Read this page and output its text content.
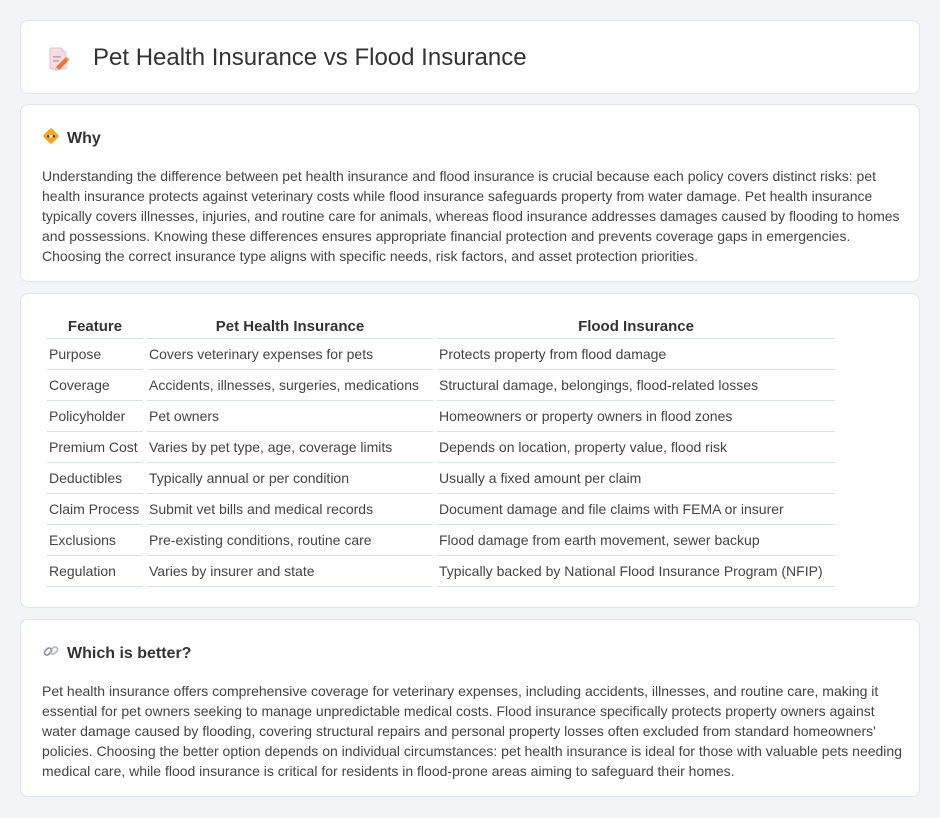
Pet Health Insurance vs Flood Insurance
Why

Understanding the difference between pet health insurance and flood insurance is crucial because each policy covers distinct risks: pet health insurance protects against veterinary costs while flood insurance safeguards property from water damage. Pet health insurance typically covers illnesses, injuries, and routine care for animals, whereas flood insurance addresses damages caused by flooding to homes and possessions. Knowing these differences ensures appropriate financial protection and prevents coverage gaps in emergencies. Choosing the correct insurance type aligns with specific needs, risk factors, and asset protection priorities.

Feature	Pet Health Insurance	Flood Insurance
Purpose	Covers veterinary expenses for pets	Protects property from flood damage
Coverage	Accidents, illnesses, surgeries, medications	Structural damage, belongings, flood-related losses
Policyholder	Pet owners	Homeowners or property owners in flood zones
Premium Cost	Varies by pet type, age, coverage limits	Depends on location, property value, flood risk
Deductibles	Typically annual or per condition	Usually a fixed amount per claim
Claim Process	Submit vet bills and medical records	Document damage and file claims with FEMA or insurer
Exclusions	Pre-existing conditions, routine care	Flood damage from earth movement, sewer backup
Regulation	Varies by insurer and state	Typically backed by National Flood Insurance Program (NFIP)
Which is better?

Pet health insurance offers comprehensive coverage for veterinary expenses, including accidents, illnesses, and routine care, making it essential for pet owners seeking to manage unpredictable medical costs. Flood insurance specifically protects property owners against water damage caused by flooding, covering structural repairs and personal property losses often excluded from standard homeowners' policies. Choosing the better option depends on individual circumstances: pet health insurance is ideal for those with valuable pets needing medical care, while flood insurance is critical for residents in flood-prone areas aiming to safeguard their homes.
